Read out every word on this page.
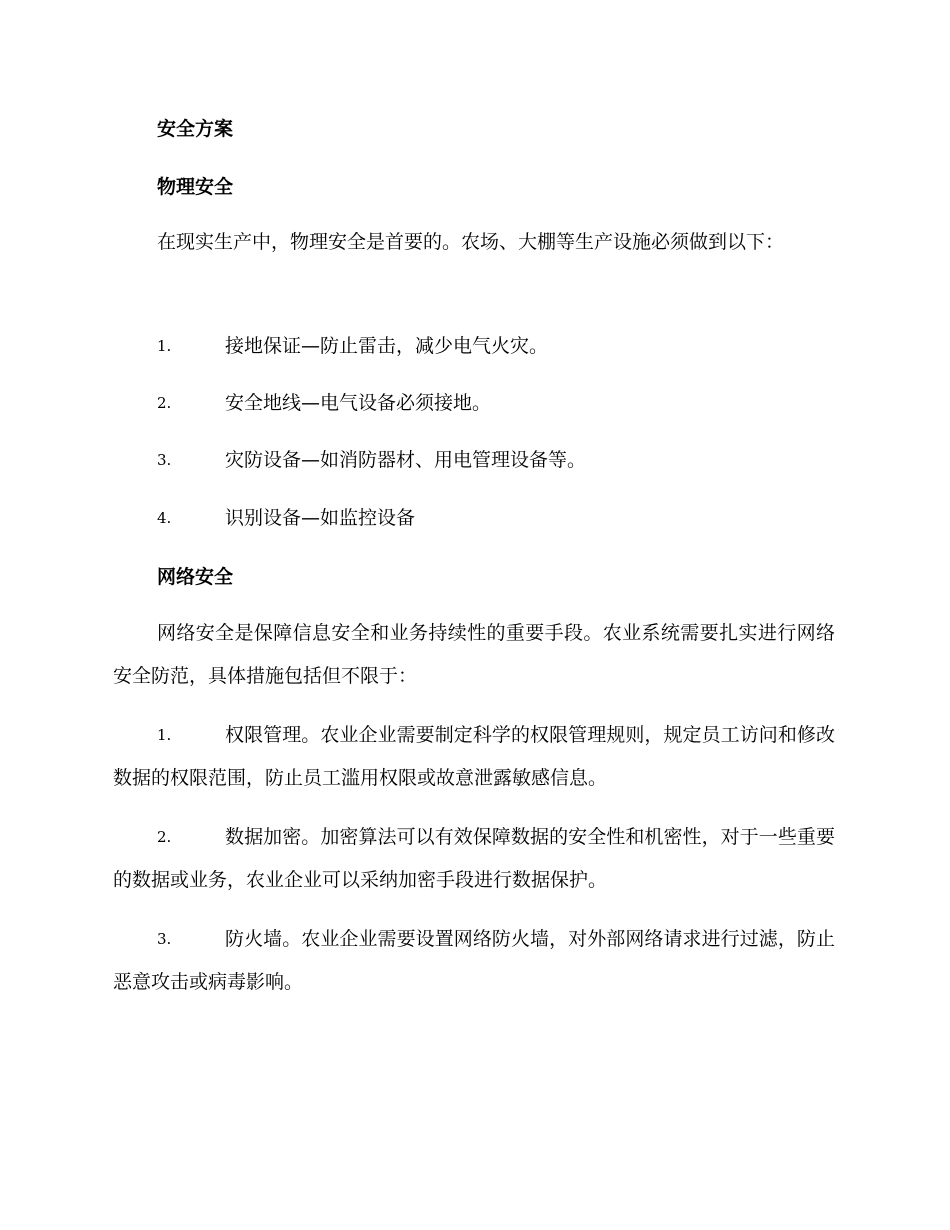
安全方案
物理安全
在现实生产中，物理安全是首要的。农场、大棚等生产设施必须做到以下：
1.	接地保证—防止雷击，减少电气火灾。
2.	安全地线—电气设备必须接地。
3.	灾防设备—如消防器材、用电管理设备等。
4.	识别设备—如监控设备
网络安全
网络安全是保障信息安全和业务持续性的重要手段。农业系统需要扎实进行网络安全防范，具体措施包括但不限于：
1.	权限管理。农业企业需要制定科学的权限管理规则，规定员工访问和修改数据的权限范围，防止员工滥用权限或故意泄露敏感信息。
2.	数据加密。加密算法可以有效保障数据的安全性和机密性，对于一些重要的数据或业务，农业企业可以采纳加密手段进行数据保护。
3.	防火墙。农业企业需要设置网络防火墙，对外部网络请求进行过滤，防止恶意攻击或病毒影响。
